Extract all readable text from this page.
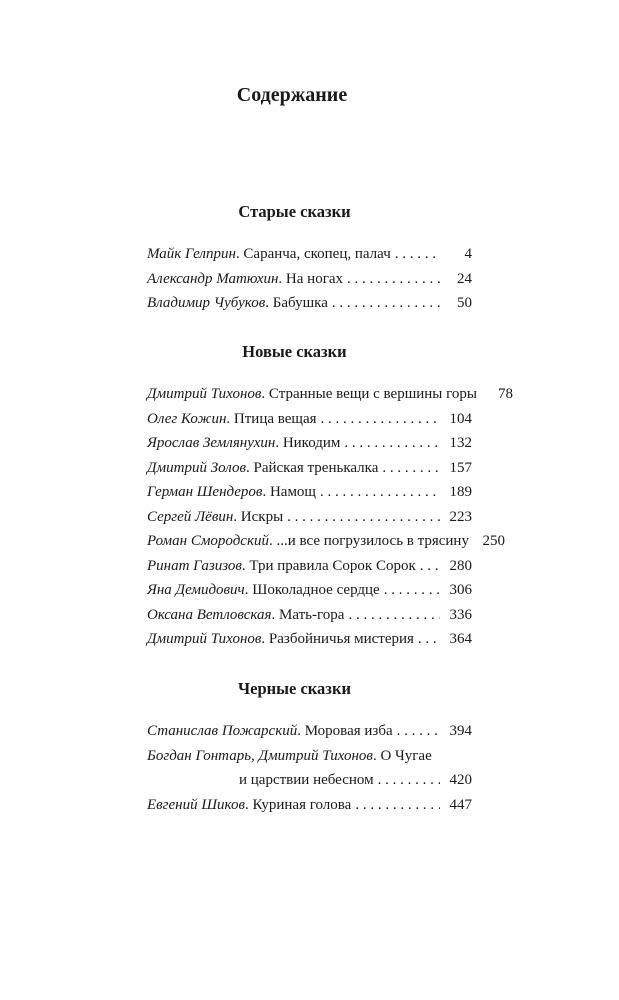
Содержание
Старые сказки
Майк Гелприн . Саранча, скопец, палач . . .	4
Александр Матюхин . На ногах . . .	24
Владимир Чубуков . Бабушка . . .	50
Новые сказки
Дмитрий Тихонов . Странные вещи с вершины горы	78
Олег Кожин . Птица вещая . . .	104
Ярослав Землянухин . Никодим . . .	132
Дмитрий Золов . Райская тренькалка . . .	157
Герман Шендеров . Намощ . . .	189
Сергей Лёвин . Искры . . .	223
Роман Смородский . ...и все погрузилось в трясину 250
Ринат Газизов . Три правила Сорок Сорок . . . 280
Яна Демидович . Шоколадное сердце . . .	306
Оксана Ветловская . Мать-гора . . .	336
Дмитрий Тихонов . Разбойничья мистерия . . . 364
Черные сказки
Станислав Пожарский . Моровая изба . . .	394
Богдан Гонтарь, Дмитрий Тихонов . О Чугае
и царствии небесном . . .	420
Евгений Шиков . Куриная голова . . .	447
